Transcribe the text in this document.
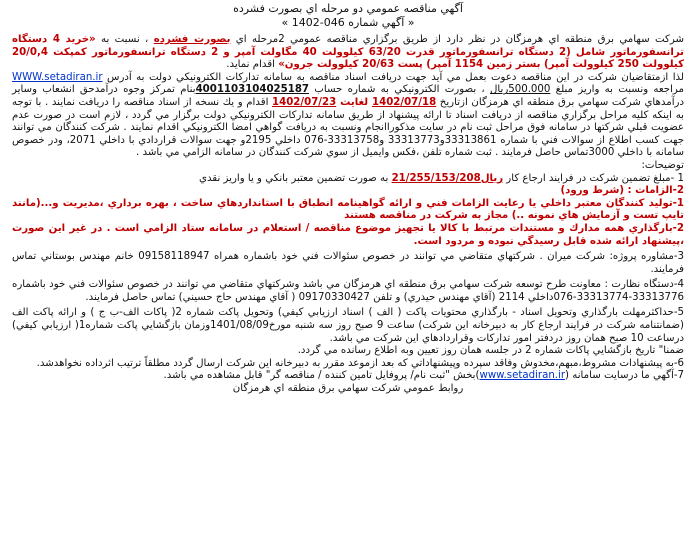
آگهي مناقصه عمومي دو مرحله اي بصورت فشرده
« آگهي شماره 046-1402 »

شركت سهامي برق منطقه اي هرمزگان در نظر دارد از طريق برگزاري مناقصه عمومي 2مرحله اي بصورت فشرده ، نسبت به «خريد 4 دستگاه ترانسفورماتور شامل (2 دستگاه ترانسفورماتور قدرت 63/20 كيلوولت 40 مگاولت آمپر و 2 دستگاه ترانسفورماتور كمپكت 20/0,4 كيلوولت 250 كيلوولت آمپر) بستر زمين 1154 آمپر) پست 20/63 كيلوولت جرون» اقدام نمايد.

لذا ازمتقاضيان شركت در اين مناقصه دعوت بعمل مي آيد جهت دريافت اسناد مناقصه به سامانه تداركات الكترونيكي دولت به آدرس WWW.setadiran.ir مراجعه ونسبت به واريز مبلغ 500.000ريال ، بصورت الكترونيكي به شماره حساب 4001103104025187بنام تمركز وجوه درآمدحق انشعاب وساير درآمدهاي شركت سهامي برق منطقه اي هرمزگان ازتاريخ 1402/07/18 لغايت 1402/07/23 اقدام و يك نسخه از اسناد مناقصه را دريافت نمايند . با توجه به اينكه كليه مراحل برگزاري مناقصه از دريافت اسناد تا ارائه پيشنهاد از طريق سامانه تداركات الكترونيكي دولت برگزار مي گردد ، لازم است در صورت عدم عضويت قبلي شركتها در سامانه فوق مراحل ثبت نام در سايت مذكوراانجام ونسبت به دريافت گواهي امضا الكترونيكي اقدام نمايند . شركت كنندگان مي توانند جهت كسب اطلاع از سوالات فني با شماره 33313861و33313773 و33313758-076 داخلي 2195و جهت سوالات قراردادي با داخلي 2071، ودر خصوص سامانه با داخلي 3000تماس حاصل فرمايند . ثبت شماره تلفن ،فكس وايميل از سوي شركت كنندگان در سامانه الزامي مي باشد .

توضيحات:

1 -مبلغ تضمين شركت در فرايند ارجاع كار 21/255/153/208ريال به صورت تضمين معتبر بانكي و يا واريز نقدي

2-الزامات : (شرط ورود)

1-توليد كنندگان معتبر داخلي يا رعايت الزامات فني و ارائه گواهينامه انطباق با استانداردهاي ساخت ، بهره برداري ،مديريت و...(مانند تايپ تست و آزمايش هاي نمونه ..) مجاز به شركت در مناقصه هستند

2-بارگذاري همه مدارك و مستندات مرتبط با كالا يا تجهيز موضوع مناقصه / استعلام در سامانه ستاد الزامي است . در غير اين صورت ،پيشنهاد ارائه شده قابل رسيدگي نبوده و مردود است.

3-مشاوره پروژه: شركت ميران . شركتهاي متقاضي مي توانند در خصوص سئوالات فني خود باشماره همراه 09158118947 خانم مهندس بوستاني تماس فرمايند.

4-دستگاه نظارت : معاونت طرح توسعه شركت سهامي برق منطقه اي هرمزگان مي باشد وشركتهاي متقاضي مي توانند در خصوص سئوالات فني خود باشماره 33313776-33313774-076داخلي 2114 (آقاي مهندس حيدري) و تلفن 09170330427 ( آقاي مهندس حاج حسيني) تماس حاصل فرمايند.

5-حداكثرمهلت بارگذاري وتحويل اسناد - بارگذاري محتويات پاكت ( الف ) اسناد ارزيابي كيفي) وتحويل پاكت شماره 2( پاكات الف-ب ج ) و ارائه پاكت الف (ضمانتنامه شركت در فرايند ارجاع كار به دبيرخانه اين شركت) ساعت 9 صبح روز سه شنبه مورخ1401/08/09وزمان بازگشايي پاكت شماره1( ارزيابي كيفي) درساعت 10 صبح همان روز دردفتر امور تداركات وقراردادهاي اين شركت مي باشد.

ضمنا" تاريخ بازگشايي پاكات شماره 2 در جلسه همان روز تعيين وبه اطلاع رسانده مي گردد.

6-به پيشنهادات مشروط،مبهم،مخدوش وفاقد سپرده وپيشنهاداتي كه بعد ازموعد مقرر به دبيرخانه اين شركت ارسال گردد مطلقاً ترتيب اثرداده نخواهدشد.

7-آگهي ما درسايت سامانه (www.setadiran.ir)بخش "ثبت نام/ پروفايل تامين كننده / مناقصه گر" قابل مشاهده مي باشد.

روابط عمومي شركت سهامي برق منطقه اي هرمزگان
